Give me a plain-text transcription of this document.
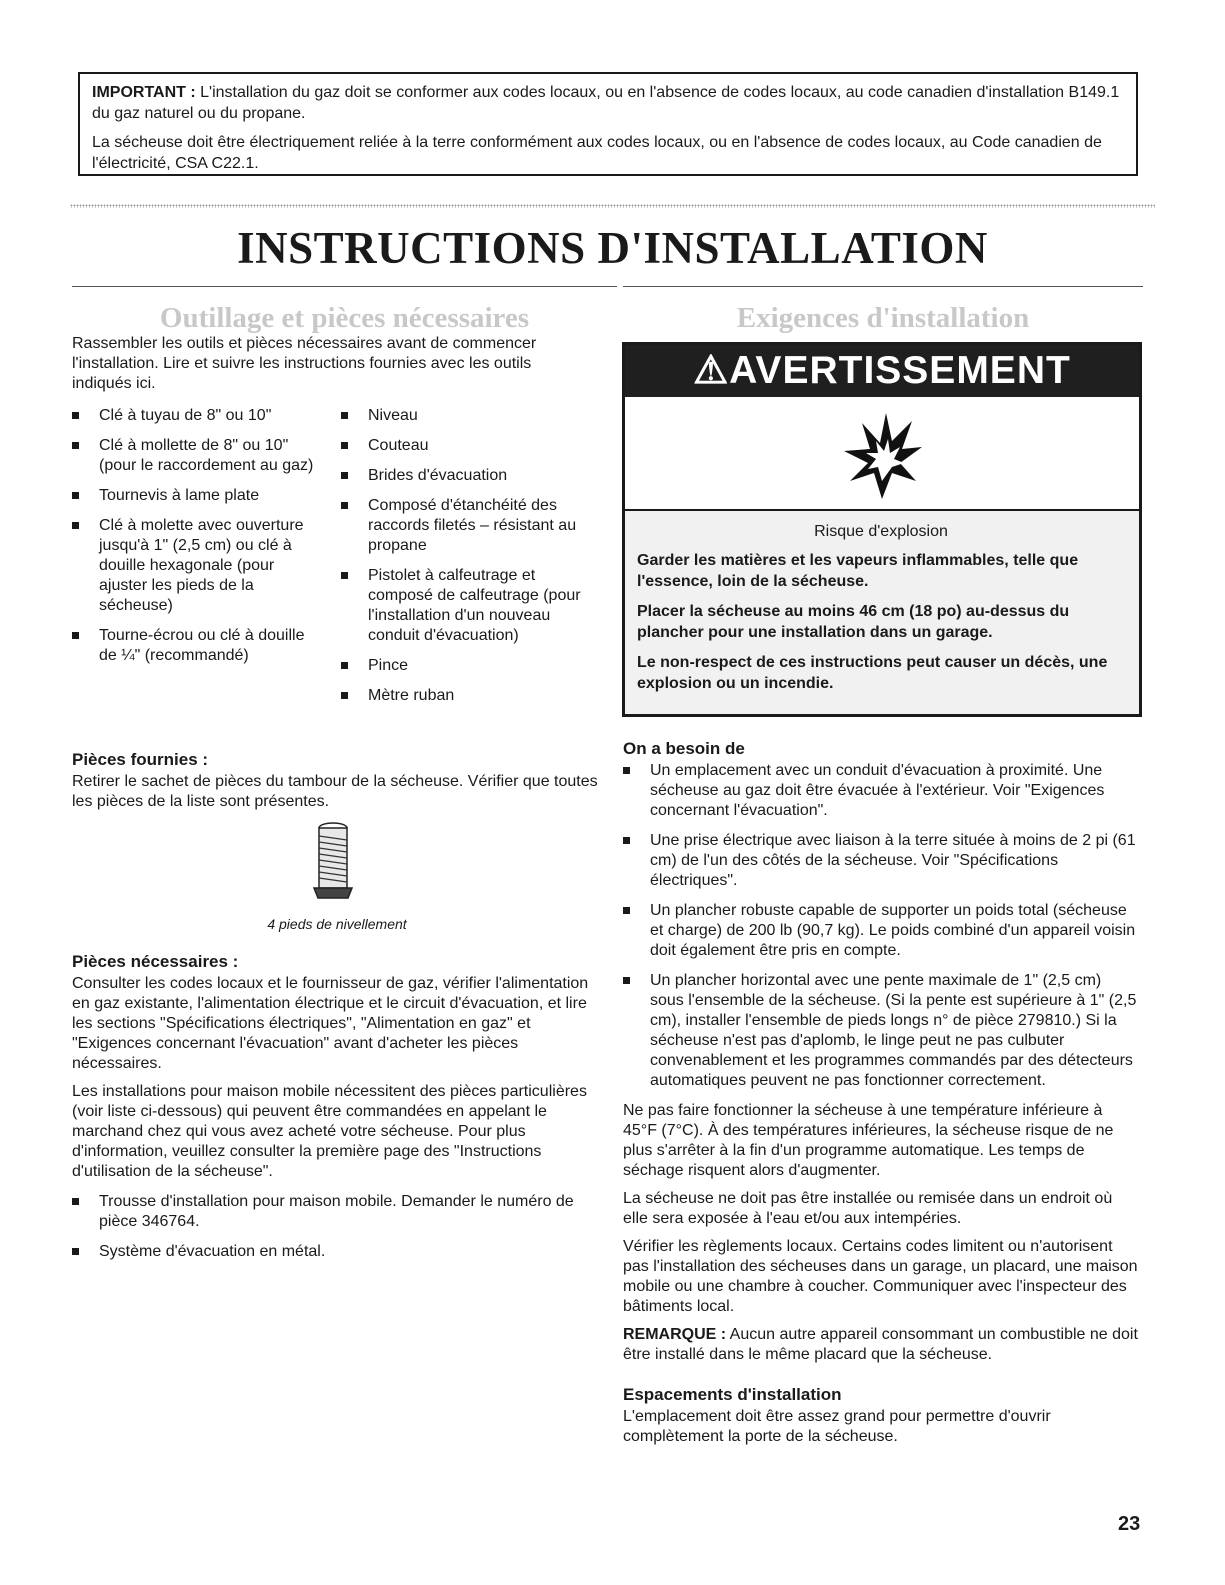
IMPORTANT : L'installation du gaz doit se conformer aux codes locaux, ou en l'absence de codes locaux, au code canadien d'installation B149.1 du gaz naturel ou du propane.

La sécheuse doit être électriquement reliée à la terre conformément aux codes locaux, ou en l'absence de codes locaux, au Code canadien de l'électricité, CSA C22.1.

INSTRUCTIONS D'INSTALLATION
Outillage et pièces nécessaires

Rassembler les outils et pièces nécessaires avant de commencer l'installation. Lire et suivre les instructions fournies avec les outils indiqués ici.

Clé à tuyau de 8" ou 10"
Clé à mollette de 8" ou 10" (pour le raccordement au gaz)
Tournevis à lame plate
Clé à molette avec ouverture jusqu'à 1" (2,5 cm) ou clé à douille hexagonale (pour ajuster les pieds de la sécheuse)
Tourne-écrou ou clé à douille de ¼" (recommandé)
Niveau
Couteau
Brides d'évacuation
Composé d'étanchéité des raccords filetés – résistant au propane
Pistolet à calfeutrage et composé de calfeutrage (pour l'installation d'un nouveau conduit d'évacuation)
Pince
Mètre ruban

Pièces fournies :

Retirer le sachet de pièces du tambour de la sécheuse. Vérifier que toutes les pièces de la liste sont présentes.

4 pieds de nivellement

Pièces nécessaires :

Consulter les codes locaux et le fournisseur de gaz, vérifier l'alimentation en gaz existante, l'alimentation électrique et le circuit d'évacuation, et lire les sections "Spécifications électriques", "Alimentation en gaz" et "Exigences concernant l'évacuation" avant d'acheter les pièces nécessaires.

Les installations pour maison mobile nécessitent des pièces particulières (voir liste ci-dessous) qui peuvent être commandées en appelant le marchand chez qui vous avez acheté votre sécheuse. Pour plus d'information, veuillez consulter la première page des "Instructions d'utilisation de la sécheuse".

Trousse d'installation pour maison mobile. Demander le numéro de pièce 346764.
Système d'évacuation en métal.
Exigences d'installation
⚠AVERTISSEMENT

Risque d'explosion

Garder les matières et les vapeurs inflammables, telle que l'essence, loin de la sécheuse.

Placer la sécheuse au moins 46 cm (18 po) au-dessus du plancher pour une installation dans un garage.

Le non-respect de ces instructions peut causer un décès, une explosion ou un incendie.

On a besoin de

Un emplacement avec un conduit d'évacuation à proximité. Une sécheuse au gaz doit être évacuée à l'extérieur. Voir "Exigences concernant l'évacuation".
Une prise électrique avec liaison à la terre située à moins de 2 pi (61 cm) de l'un des côtés de la sécheuse. Voir "Spécifications électriques".
Un plancher robuste capable de supporter un poids total (sécheuse et charge) de 200 lb (90,7 kg). Le poids combiné d'un appareil voisin doit également être pris en compte.
Un plancher horizontal avec une pente maximale de 1" (2,5 cm) sous l'ensemble de la sécheuse. (Si la pente est supérieure à 1" (2,5 cm), installer l'ensemble de pieds longs n° de pièce 279810.) Si la sécheuse n'est pas d'aplomb, le linge peut ne pas culbuter convenablement et les programmes commandés par des détecteurs automatiques peuvent ne pas fonctionner correctement.

Ne pas faire fonctionner la sécheuse à une température inférieure à 45°F (7°C). À des températures inférieures, la sécheuse risque de ne plus s'arrêter à la fin d'un programme automatique. Les temps de séchage risquent alors d'augmenter.

La sécheuse ne doit pas être installée ou remisée dans un endroit où elle sera exposée à l'eau et/ou aux intempéries.

Vérifier les règlements locaux. Certains codes limitent ou n'autorisent pas l'installation des sécheuses dans un garage, un placard, une maison mobile ou une chambre à coucher. Communiquer avec l'inspecteur des bâtiments local.

REMARQUE : Aucun autre appareil consommant un combustible ne doit être installé dans le même placard que la sécheuse.

Espacements d'installation

L'emplacement doit être assez grand pour permettre d'ouvrir complètement la porte de la sécheuse.

23
